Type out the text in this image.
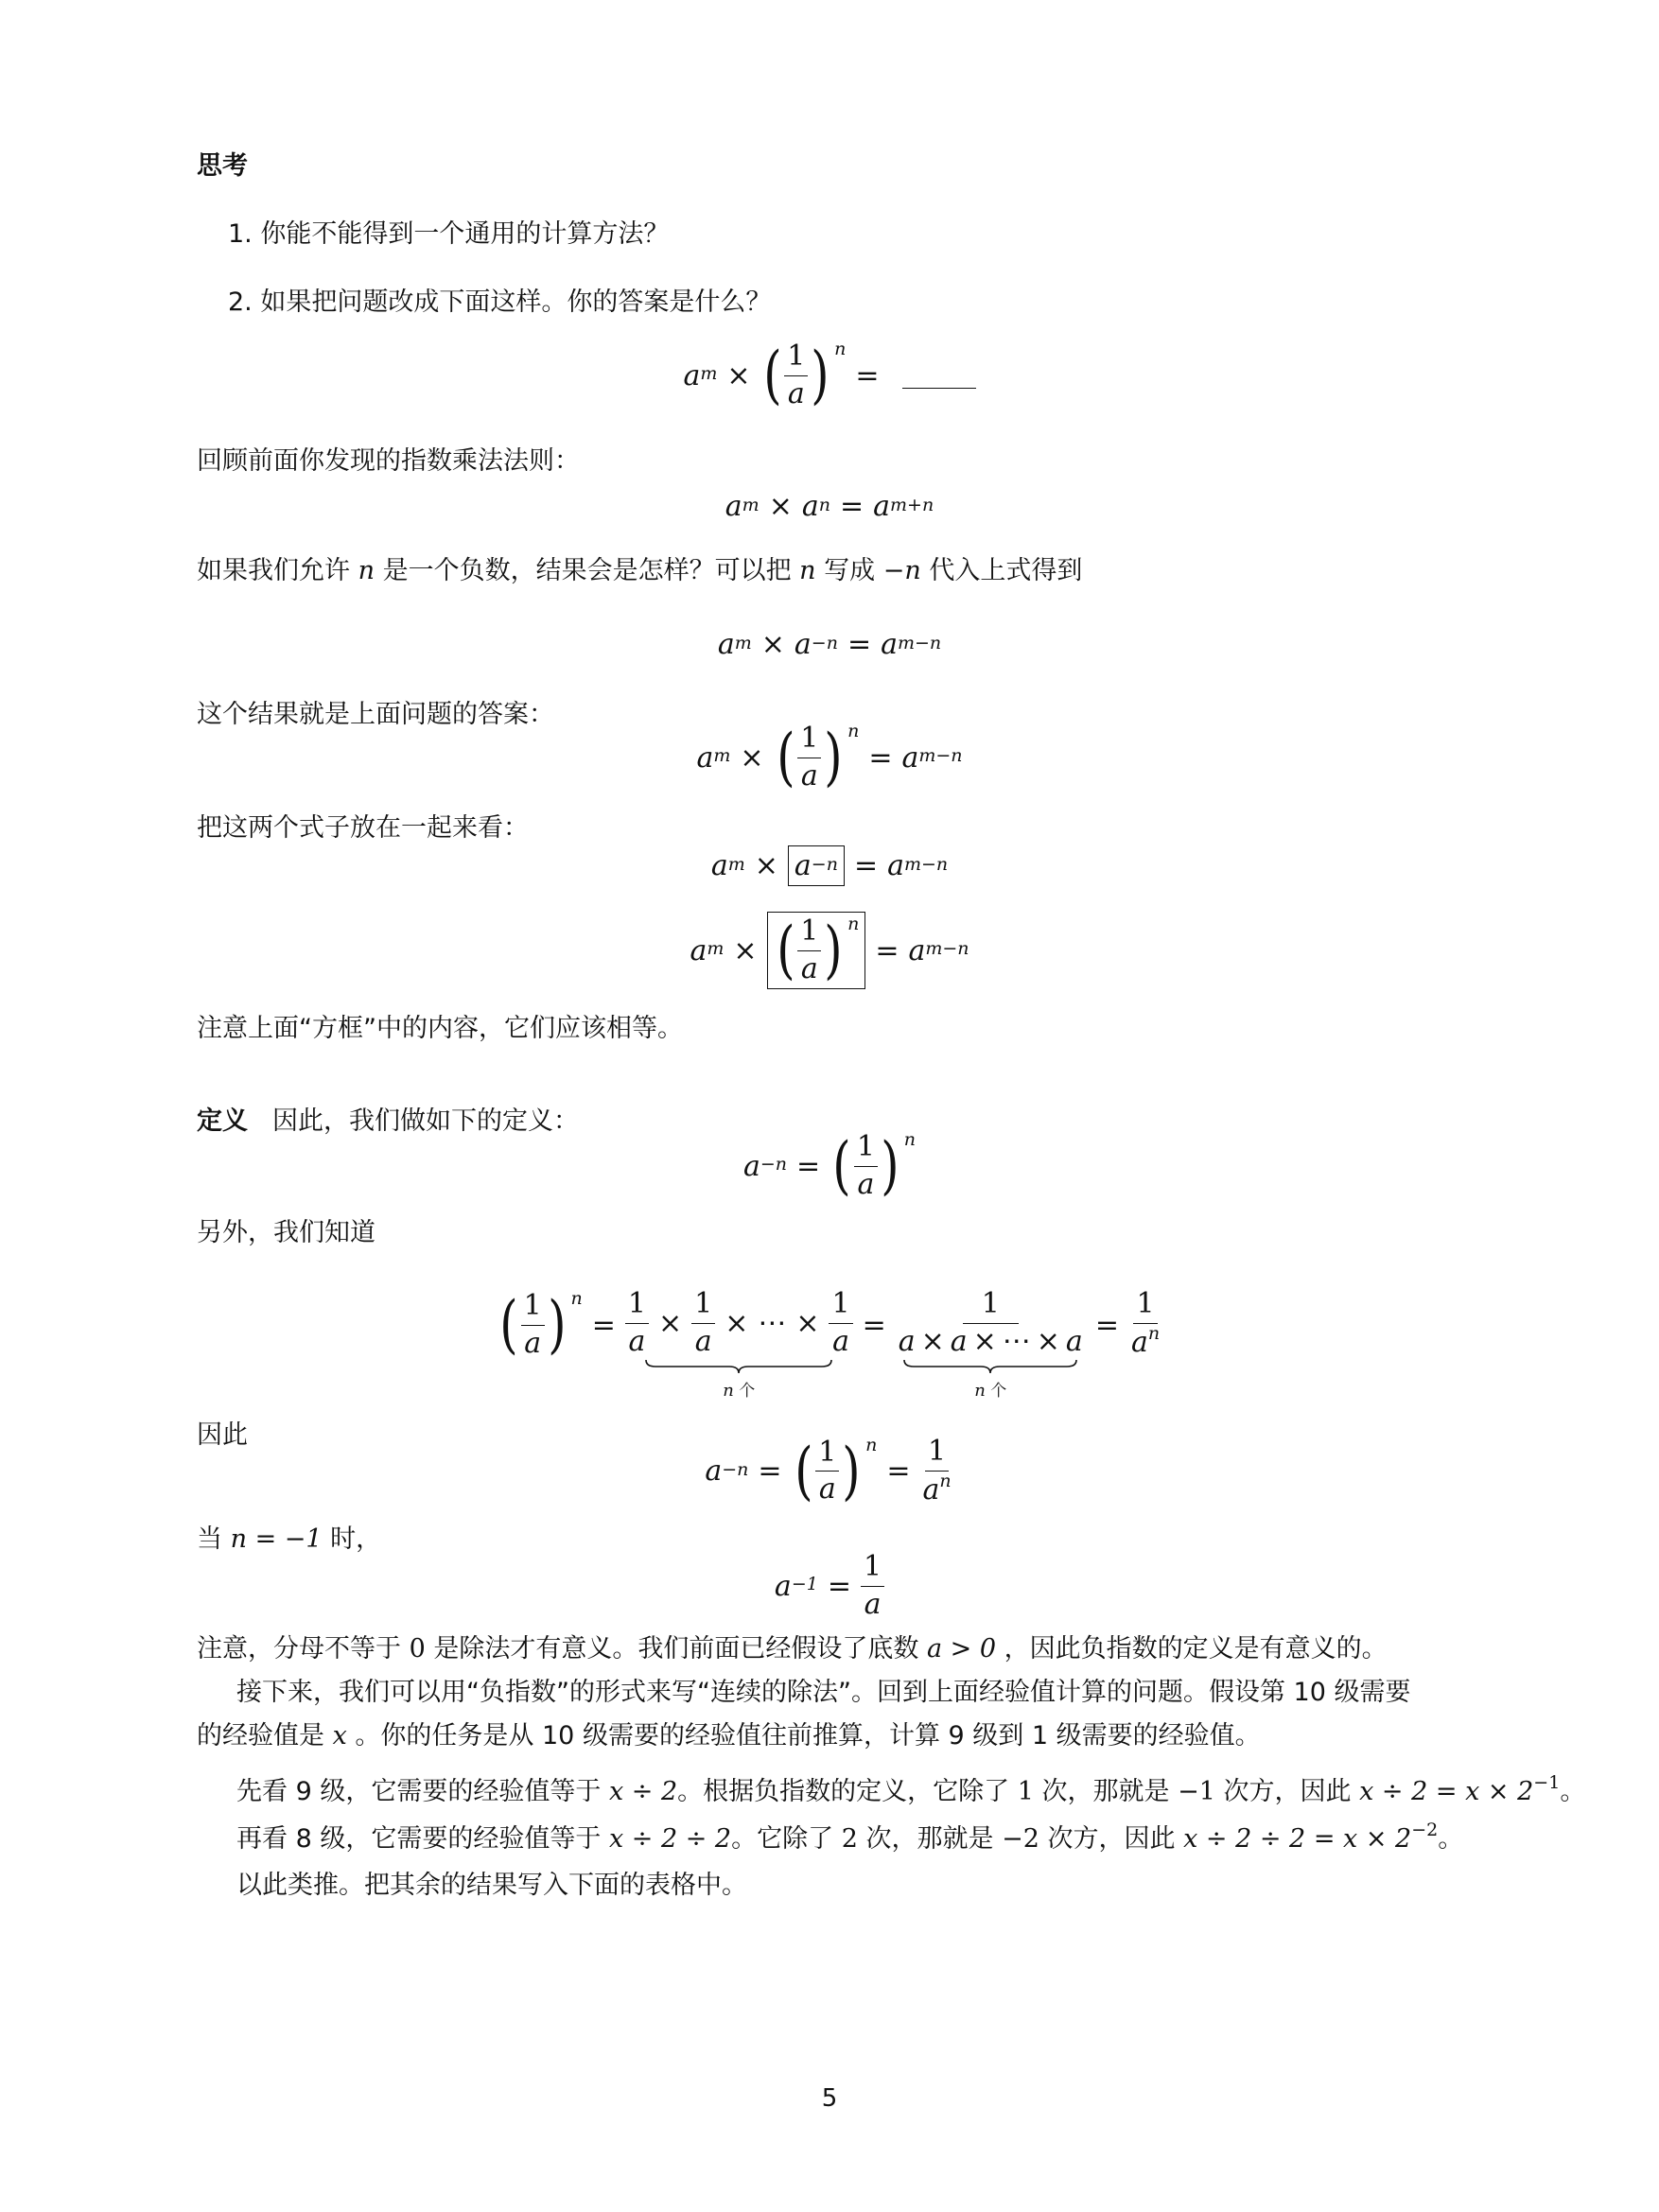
思考
1. 你能不能得到一个通用的计算方法？
2. 如果把问题改成下面这样。你的答案是什么？
$a^m$ × ( $\frac{1}{a}$ ) n
=
回顾前面你发现的指数乘法法则：
$a^m \times a^n = a^{m+n}$
如果我们允许 n 是一个负数，结果会是怎样？可以把 n 写成 −n 代入上式得到
$a^m \times a^{-n} = a^{m-n}$
这个结果就是上面问题的答案：
$a^m$ × ( $\frac{1}{a}$ ) n
= $a^{m-n}$
把这两个式子放在一起来看：
$a^m \times a^{-n} = a^{m-n}$
$a^m$ × ( $\frac{1}{a}$ ) n
= $a^{m-n}$
注意上面“方框”中的内容，它们应该相等。
定义 因此，我们做如下的定义：
$a^{-n}$ = ( $\frac{1}{a}$ ) n
另外，我们知道
( $\frac{1}{a}$ ) n
= $\frac{1}{a} \times \frac{1}{a}$ × ⋯ × $\frac{1}{a}$
n 个
= $\frac{1}{a \times a \times \cdots \times a}$
n 个
= $\frac{1}{a^n}$
因此
$a^{-n}$ = ( $\frac{1}{a}$ ) n
= $\frac{1}{a^n}$
当 n = −1 时，
$a^{-1} = \frac{1}{a}$
注意，分母不等于 0 是除法才有意义。我们前面已经假设了底数 a > 0 ，因此负指数的定义是有意义的。
接下来，我们可以用“负指数”的形式来写“连续的除法”。回到上面经验值计算的问题。假设第 10 级需要
的经验值是 x 。你的任务是从 10 级需要的经验值往前推算，计算 9 级到 1 级需要的经验值。
先看 9 级，它需要的经验值等于 x ÷ 2。根据负指数的定义，它除了 1 次，那就是 −1 次方，因此 $x \div 2 = x \times 2^{-1}$。
再看 8 级，它需要的经验值等于 x ÷ 2 ÷ 2。它除了 2 次，那就是 −2 次方，因此 $x \div 2 \div 2 = x \times 2^{-2}$。
以此类推。把其余的结果写入下面的表格中。
5
